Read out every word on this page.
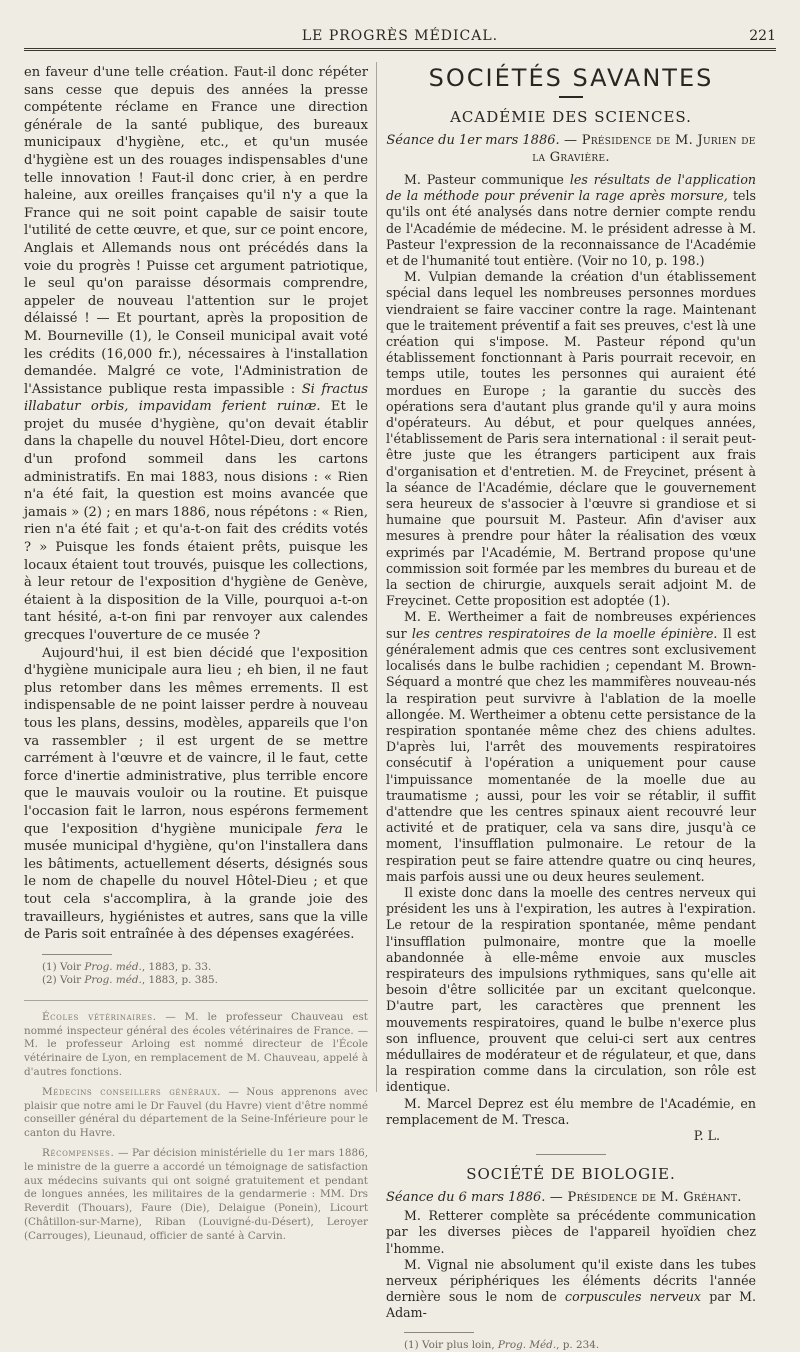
LE PROGRÈS MÉDICAL.	221

en faveur d'une telle création. Faut-il donc répéter sans cesse que depuis des années la presse compétente réclame en France une direction générale de la santé publique, des bureaux municipaux d'hygiène, etc., et qu'un musée d'hygiène est un des rouages indispensables d'une telle innovation ! Faut-il donc crier, à en perdre haleine, aux oreilles françaises qu'il n'y a que la France qui ne soit point capable de saisir toute l'utilité de cette œuvre, et que, sur ce point encore, Anglais et Allemands nous ont précédés dans la voie du progrès ! Puisse cet argument patriotique, le seul qu'on paraisse désormais comprendre, appeler de nouveau l'attention sur le projet délaissé ! — Et pourtant, après la proposition de M. Bourneville (1), le Conseil municipal avait voté les crédits (16,000 fr.), nécessaires à l'installation demandée. Malgré ce vote, l'Administration de l'Assistance publique resta impassible : Si fractus illabatur orbis, impavidam ferient ruinæ. Et le projet du musée d'hygiène, qu'on devait établir dans la chapelle du nouvel Hôtel-Dieu, dort encore d'un profond sommeil dans les cartons administratifs. En mai 1883, nous disions : « Rien n'a été fait, la question est moins avancée que jamais » (2) ; en mars 1886, nous répétons : « Rien, rien n'a été fait ; et qu'a-t-on fait des crédits votés ? » Puisque les fonds étaient prêts, puisque les locaux étaient tout trouvés, puisque les collections, à leur retour de l'exposition d'hygiène de Genève, étaient à la disposition de la Ville, pourquoi a-t-on tant hésité, a-t-on fini par renvoyer aux calendes grecques l'ouverture de ce musée ?

Aujourd'hui, il est bien décidé que l'exposition d'hygiène municipale aura lieu ; eh bien, il ne faut plus retomber dans les mêmes errements. Il est indispensable de ne point laisser perdre à nouveau tous les plans, dessins, modèles, appareils que l'on va rassembler ; il est urgent de se mettre carrément à l'œuvre et de vaincre, il le faut, cette force d'inertie administrative, plus terrible encore que le mauvais vouloir ou la routine. Et puisque l'occasion fait le larron, nous espérons fermement que l'exposition d'hygiène municipale fera le musée municipal d'hygiène, qu'on l'installera dans les bâtiments, actuellement déserts, désignés sous le nom de chapelle du nouvel Hôtel-Dieu ; et que tout cela s'accomplira, à la grande joie des travailleurs, hygiénistes et autres, sans que la ville de Paris soit entraînée à des dépenses exagérées.

(1) Voir Prog. méd., 1883, p. 33.
(2) Voir Prog. méd., 1883, p. 385.

Écoles vétérinaires. — M. le professeur Chauveau est nommé inspecteur général des écoles vétérinaires de France. — M. le professeur Arloing est nommé directeur de l'École vétérinaire de Lyon, en remplacement de M. Chauveau, appelé à d'autres fonctions.

Médecins conseillers généraux. — Nous apprenons avec plaisir que notre ami le Dr Fauvel (du Havre) vient d'être nommé conseiller général du département de la Seine-Inférieure pour le canton du Havre.

Récompenses. — Par décision ministérielle du 1er mars 1886, le ministre de la guerre a accordé un témoignage de satisfaction aux médecins suivants qui ont soigné gratuitement et pendant de longues années, les militaires de la gendarmerie : MM. Drs Reverdit (Thouars), Faure (Die), Delaigue (Ponein), Licourt (Châtillon-sur-Marne), Riban (Louvigné-du-Désert), Leroyer (Carrouges), Lieunaud, officier de santé à Carvin.

SOCIÉTÉS SAVANTES
ACADÉMIE DES SCIENCES.
Séance du 1er mars 1886. — Présidence de M. Jurien de la Gravière.

M. Pasteur communique les résultats de l'application de la méthode pour prévenir la rage après morsure, tels qu'ils ont été analysés dans notre dernier compte rendu de l'Académie de médecine. M. le président adresse à M. Pasteur l'expression de la reconnaissance de l'Académie et de l'humanité tout entière. (Voir no 10, p. 198.)

M. Vulpian demande la création d'un établissement spécial dans lequel les nombreuses personnes mordues viendraient se faire vacciner contre la rage. Maintenant que le traitement préventif a fait ses preuves, c'est là une création qui s'impose. M. Pasteur répond qu'un établissement fonctionnant à Paris pourrait recevoir, en temps utile, toutes les personnes qui auraient été mordues en Europe ; la garantie du succès des opérations sera d'autant plus grande qu'il y aura moins d'opérateurs. Au début, et pour quelques années, l'établissement de Paris sera international : il serait peut-être juste que les étrangers participent aux frais d'organisation et d'entretien. M. de Freycinet, présent à la séance de l'Académie, déclare que le gouvernement sera heureux de s'associer à l'œuvre si grandiose et si humaine que poursuit M. Pasteur. Afin d'aviser aux mesures à prendre pour hâter la réalisation des vœux exprimés par l'Académie, M. Bertrand propose qu'une commission soit formée par les membres du bureau et de la section de chirurgie, auxquels serait adjoint M. de Freycinet. Cette proposition est adoptée (1).

M. E. Wertheimer a fait de nombreuses expériences sur les centres respiratoires de la moelle épinière. Il est généralement admis que ces centres sont exclusivement localisés dans le bulbe rachidien ; cependant M. Brown-Séquard a montré que chez les mammifères nouveau-nés la respiration peut survivre à l'ablation de la moelle allongée. M. Wertheimer a obtenu cette persistance de la respiration spontanée même chez des chiens adultes. D'après lui, l'arrêt des mouvements respiratoires consécutif à l'opération a uniquement pour cause l'impuissance momentanée de la moelle due au traumatisme ; aussi, pour les voir se rétablir, il suffit d'attendre que les centres spinaux aient recouvré leur activité et de pratiquer, cela va sans dire, jusqu'à ce moment, l'insufflation pulmonaire. Le retour de la respiration peut se faire attendre quatre ou cinq heures, mais parfois aussi une ou deux heures seulement.

Il existe donc dans la moelle des centres nerveux qui président les uns à l'expiration, les autres à l'expiration. Le retour de la respiration spontanée, même pendant l'insufflation pulmonaire, montre que la moelle abandonnée à elle-même envoie aux muscles respirateurs des impulsions rythmiques, sans qu'elle ait besoin d'être sollicitée par un excitant quelconque. D'autre part, les caractères que prennent les mouvements respiratoires, quand le bulbe n'exerce plus son influence, prouvent que celui-ci sert aux centres médullaires de modérateur et de régulateur, et que, dans la respiration comme dans la circulation, son rôle est identique.

M. Marcel Deprez est élu membre de l'Académie, en remplacement de M. Tresca.

P. L.
SOCIÉTÉ DE BIOLOGIE.
Séance du 6 mars 1886. — Présidence de M. Gréhant.

M. Retterer complète sa précédente communication par les diverses pièces de l'appareil hyoïdien chez l'homme.

M. Vignal nie absolument qu'il existe dans les tubes nerveux périphériques les éléments décrits l'année dernière sous le nom de corpuscules nerveux par M. Adam-

(1) Voir plus loin, Prog. Méd., p. 234.
